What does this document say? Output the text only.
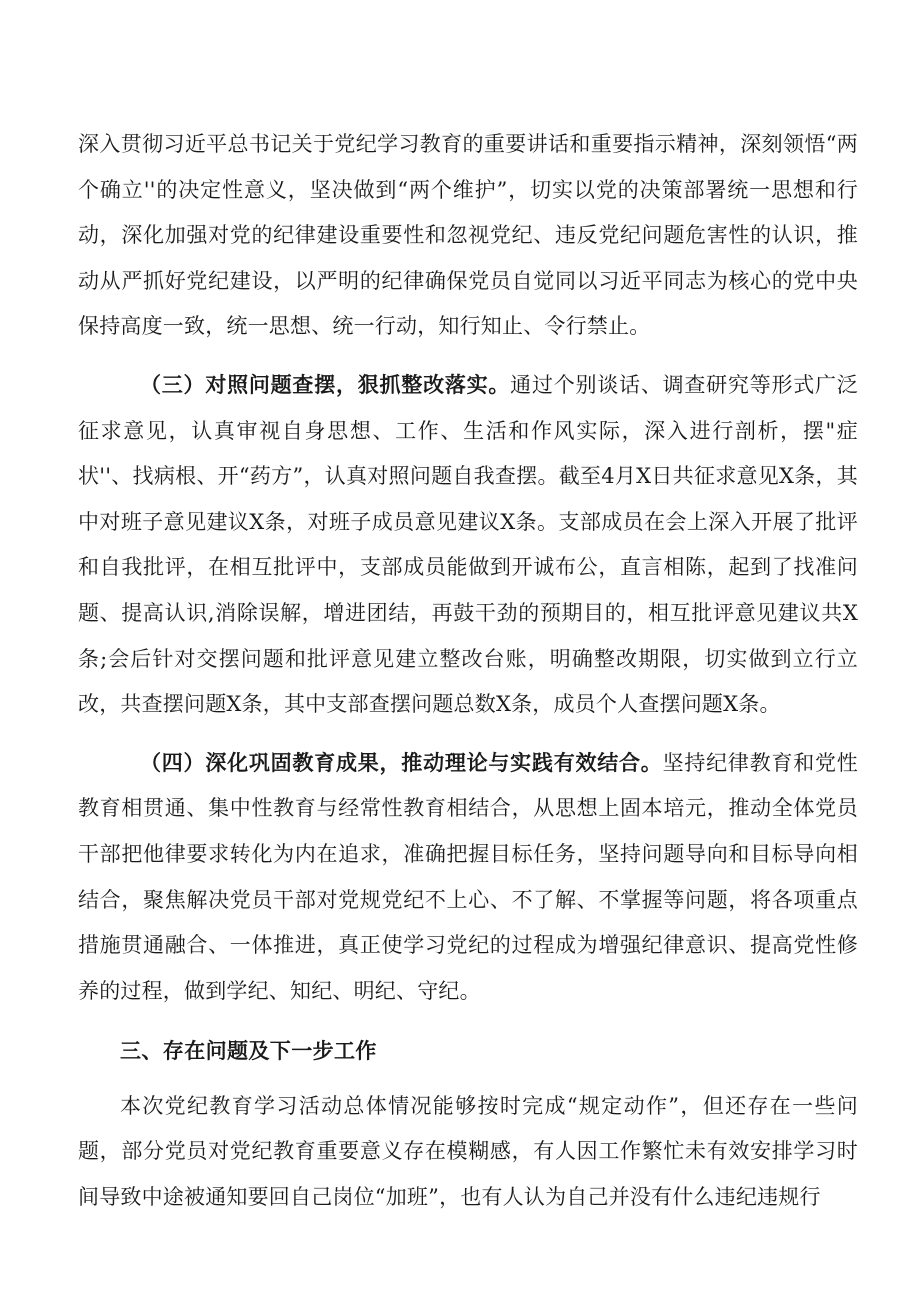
深入贯彻习近平总书记关于党纪学习教育的重要讲话和重要指示精神，深刻领悟“两个确立''的决定性意义，坚决做到“两个维护”，切实以党的决策部署统一思想和行动，深化加强对党的纪律建设重要性和忽视党纪、违反党纪问题危害性的认识，推动从严抓好党纪建设，以严明的纪律确保党员自觉同以习近平同志为核心的党中央保持高度一致，统一思想、统一行动，知行知止、令行禁止。

（三）对照问题查摆，狠抓整改落实。通过个别谈话、调查研究等形式广泛征求意见，认真审视自身思想、工作、生活和作风实际，深入进行剖析，摆"症状''、找病根、开“药方”，认真对照问题自我查摆。截至4月X日共征求意见X条，其中对班子意见建议X条，对班子成员意见建议X条。支部成员在会上深入开展了批评和自我批评，在相互批评中，支部成员能做到开诚布公，直言相陈，起到了找准问题、提高认识,消除误解，增进团结，再鼓干劲的预期目的，相互批评意见建议共X条;会后针对交摆问题和批评意见建立整改台账，明确整改期限，切实做到立行立改，共查摆问题X条，其中支部查摆问题总数X条，成员个人查摆问题X条。

（四）深化巩固教育成果，推动理论与实践有效结合。坚持纪律教育和党性教育相贯通、集中性教育与经常性教育相结合，从思想上固本培元，推动全体党员干部把他律要求转化为内在追求，准确把握目标任务，坚持问题导向和目标导向相结合，聚焦解决党员干部对党规党纪不上心、不了解、不掌握等问题，将各项重点措施贯通融合、一体推进，真正使学习党纪的过程成为增强纪律意识、提高党性修养的过程，做到学纪、知纪、明纪、守纪。

三、存在问题及下一步工作

本次党纪教育学习活动总体情况能够按时完成“规定动作”，但还存在一些问题，部分党员对党纪教育重要意义存在模糊感，有人因工作繁忙未有效安排学习时间导致中途被通知要回自己岗位“加班”，也有人认为自己并没有什么违纪违规行
